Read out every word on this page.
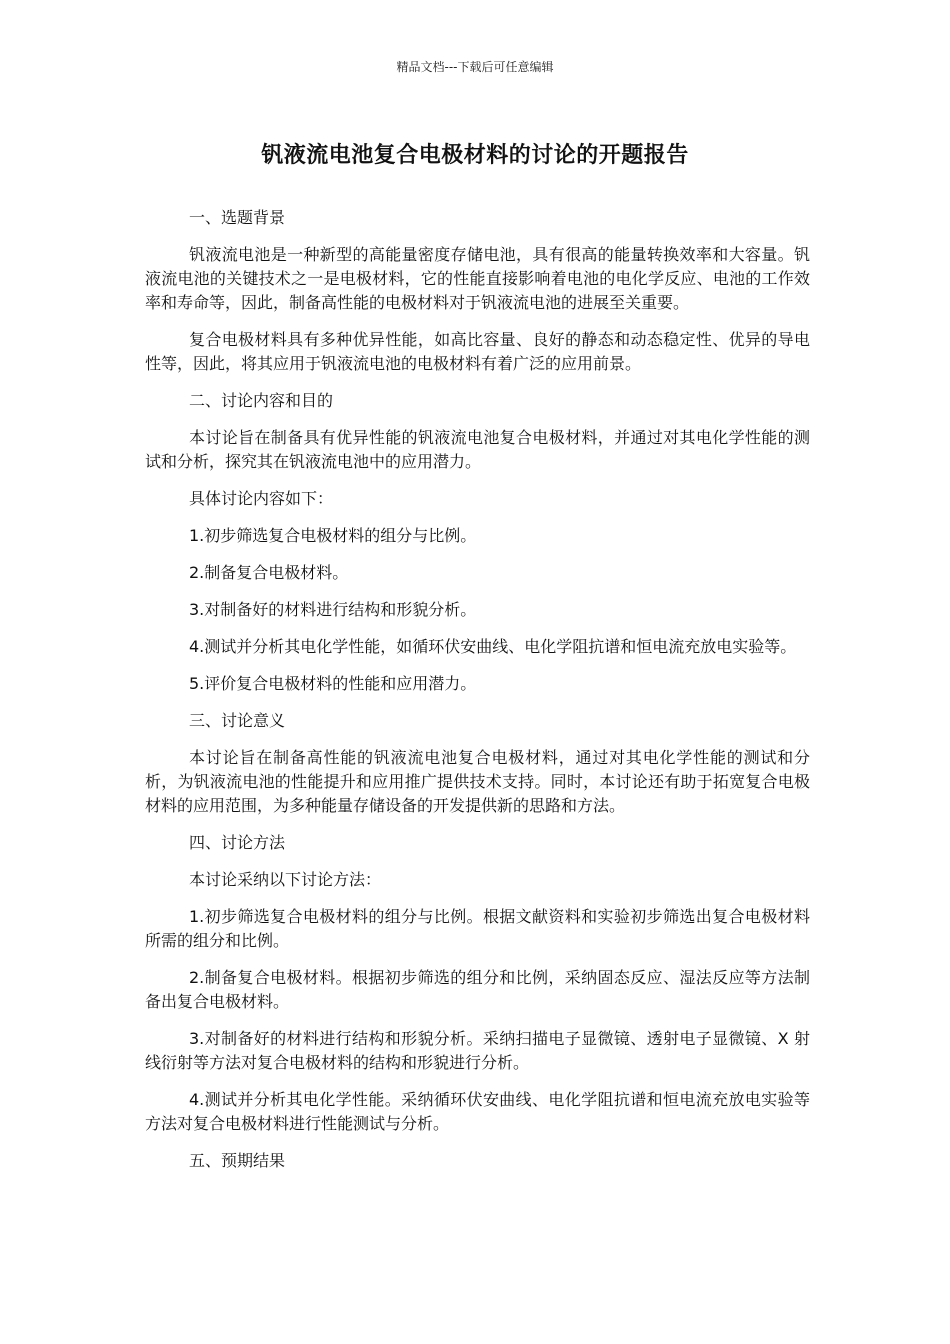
精品文档---下载后可任意编辑
钒液流电池复合电极材料的讨论的开题报告

一、选题背景

钒液流电池是一种新型的高能量密度存储电池，具有很高的能量转换效率和大容量。钒液流电池的关键技术之一是电极材料，它的性能直接影响着电池的电化学反应、电池的工作效率和寿命等，因此，制备高性能的电极材料对于钒液流电池的进展至关重要。

复合电极材料具有多种优异性能，如高比容量、良好的静态和动态稳定性、优异的导电性等，因此，将其应用于钒液流电池的电极材料有着广泛的应用前景。

二、讨论内容和目的

本讨论旨在制备具有优异性能的钒液流电池复合电极材料，并通过对其电化学性能的测试和分析，探究其在钒液流电池中的应用潜力。

具体讨论内容如下：

1.初步筛选复合电极材料的组分与比例。

2.制备复合电极材料。

3.对制备好的材料进行结构和形貌分析。

4.测试并分析其电化学性能，如循环伏安曲线、电化学阻抗谱和恒电流充放电实验等。

5.评价复合电极材料的性能和应用潜力。

三、讨论意义

本讨论旨在制备高性能的钒液流电池复合电极材料，通过对其电化学性能的测试和分析，为钒液流电池的性能提升和应用推广提供技术支持。同时，本讨论还有助于拓宽复合电极材料的应用范围，为多种能量存储设备的开发提供新的思路和方法。

四、讨论方法

本讨论采纳以下讨论方法：

1.初步筛选复合电极材料的组分与比例。根据文献资料和实验初步筛选出复合电极材料所需的组分和比例。

2.制备复合电极材料。根据初步筛选的组分和比例，采纳固态反应、湿法反应等方法制备出复合电极材料。

3.对制备好的材料进行结构和形貌分析。采纳扫描电子显微镜、透射电子显微镜、X 射线衍射等方法对复合电极材料的结构和形貌进行分析。

4.测试并分析其电化学性能。采纳循环伏安曲线、电化学阻抗谱和恒电流充放电实验等方法对复合电极材料进行性能测试与分析。

五、预期结果
